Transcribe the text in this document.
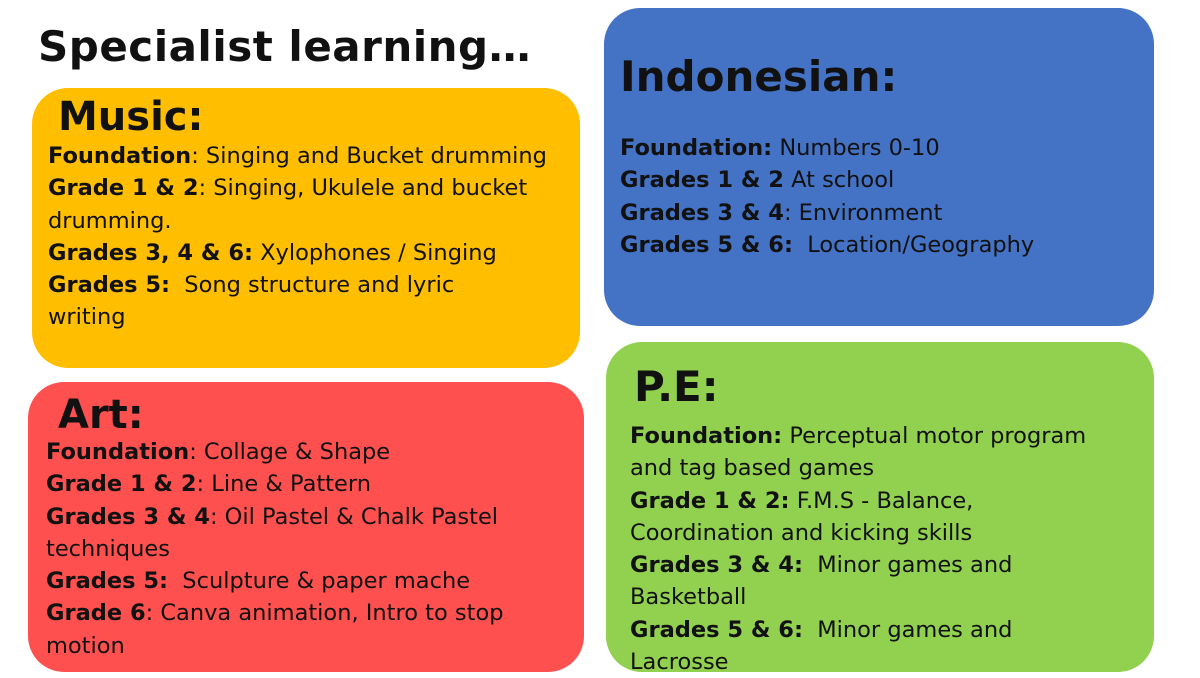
Specialist learning…
Music:
Foundation: Singing and Bucket drumming
Grade 1 & 2: Singing, Ukulele and bucket
drumming.
Grades 3, 4 & 6: Xylophones / Singing
Grades 5:  Song structure and lyric
writing
Indonesian:
Foundation: Numbers 0-10
Grades 1 & 2 At school
Grades 3 & 4: Environment
Grades 5 & 6:  Location/Geography
Art:
Foundation: Collage & Shape
Grade 1 & 2: Line & Pattern
Grades 3 & 4: Oil Pastel & Chalk Pastel
techniques
Grades 5:  Sculpture & paper mache
Grade 6: Canva animation, Intro to stop
motion
P.E:
Foundation: Perceptual motor program
and tag based games
Grade 1 & 2: F.M.S - Balance,
Coordination and kicking skills
Grades 3 & 4:  Minor games and
Basketball
Grades 5 & 6:  Minor games and
Lacrosse
